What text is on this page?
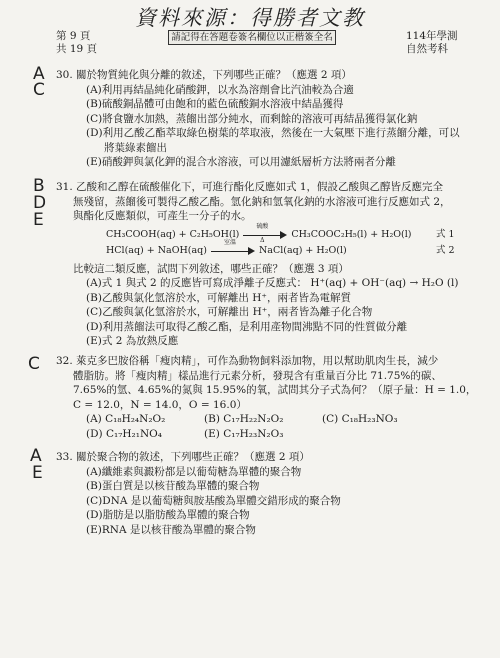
資料來源：得勝者文教
第 9 頁
共 19 頁
請記得在答題卷簽名欄位以正楷簽全名	114年學測
自然考科
A
C
B
D
E
C
A
E

30. 關於物質純化與分離的敘述，下列哪些正確？（應選 2 項）

(A)利用再結晶純化硝酸鉀，以水為溶劑會比汽油較為合適

(B)硫酸銅晶體可由飽和的藍色硫酸銅水溶液中結晶獲得

(C)將食鹽水加熱，蒸餾出部分純水，而剩餘的溶液可再結晶獲得氯化鈉

(D)利用乙酸乙酯萃取綠色樹葉的萃取液，然後在一大氣壓下進行蒸餾分離，可以

將葉綠素餾出

(E)硝酸鉀與氯化鉀的混合水溶液，可以用濾紙層析方法將兩者分離

31. 乙酸和乙醇在硫酸催化下，可進行酯化反應如式 1，假設乙酸與乙醇皆反應完全

無殘留，蒸餾後可製得乙酸乙酯。氫化鈉和氫氧化鈉的水溶液可進行反應如式 2，

與酯化反應類似，可產生一分子的水。

CH₃COOH(aq) + C₂H₅OH(l)
硫酸
Δ
CH₃COOC₂H₅(l) + H₂O(l)	式 1
HCl(aq) + NaOH(aq)
室溫
NaCl(aq) + H₂O(l)	式 2

比較這二類反應，試問下列敘述，哪些正確？（應選 3 項）

(A)式 1 與式 2 的反應皆可寫成淨離子反應式： H⁺(aq) + OH⁻(aq) → H₂O (l)

(B)乙酸與氯化氫溶於水，可解離出 H⁺，兩者皆為電解質

(C)乙酸與氯化氫溶於水，可解離出 H⁺，兩者皆為離子化合物

(D)利用蒸餾法可取得乙酸乙酯，是利用產物間沸點不同的性質做分離

(E)式 2 為放熱反應

32. 萊克多巴胺俗稱「瘦肉精」，可作為動物飼料添加物，用以幫助肌肉生長，減少

體脂肪。將「瘦肉精」樣品進行元素分析，發現含有重量百分比 71.75%的碳、

7.65%的氫、4.65%的氮與 15.95%的氧，試問其分子式為何？（原子量：H = 1.0，

C = 12.0，N = 14.0，O = 16.0）

(A) C₁₈H₂₄N₂O₂	(B) C₁₇H₂₂N₂O₂	(C) C₁₈H₂₃NO₃
(D) C₁₇H₂₁NO₄	(E) C₁₇H₂₃N₂O₃

33. 關於聚合物的敘述，下列哪些正確？（應選 2 項）

(A)纖維素與澱粉都是以葡萄糖為單體的聚合物

(B)蛋白質是以核苷酸為單體的聚合物

(C)DNA 是以葡萄糖與胺基酸為單體交錯形成的聚合物

(D)脂肪是以脂肪酸為單體的聚合物

(E)RNA 是以核苷酸為單體的聚合物
